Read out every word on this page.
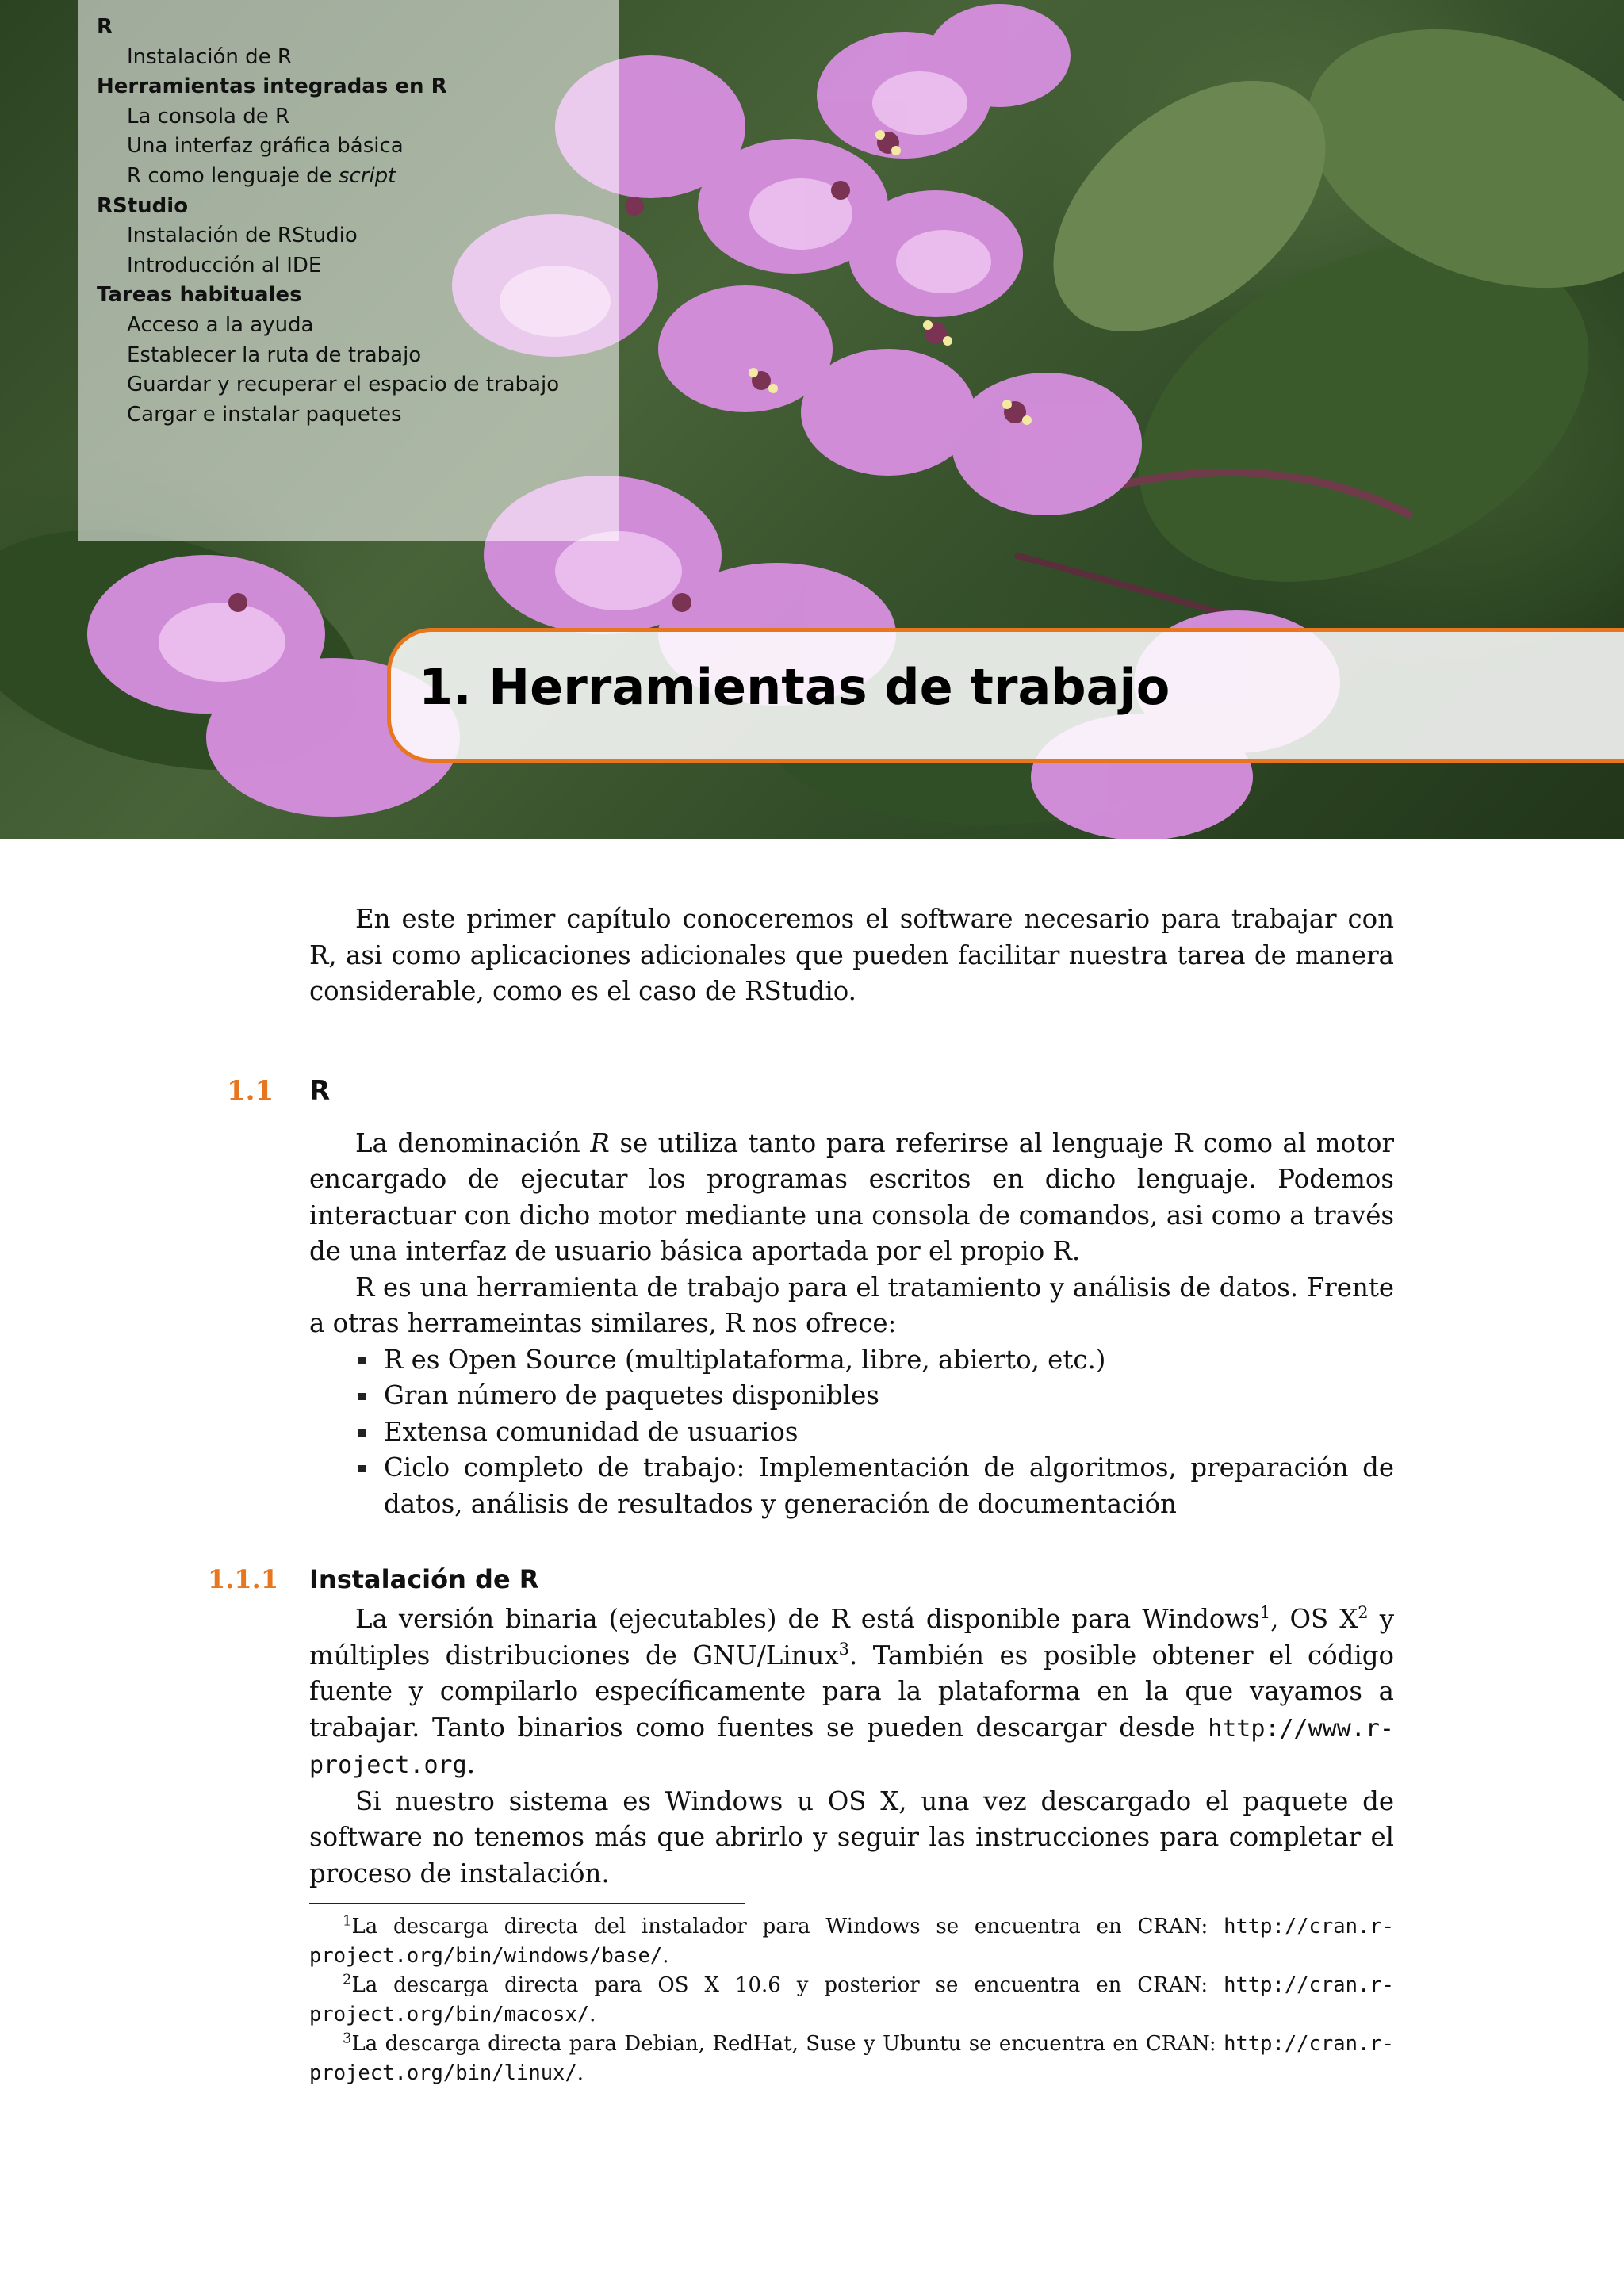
R
Instalación de R
Herramientas integradas en R
La consola de R
Una interfaz gráfica básica
R como lenguaje de script
RStudio
Instalación de RStudio
Introducción al IDE
Tareas habituales
Acceso a la ayuda
Establecer la ruta de trabajo
Guardar y recuperar el espacio de trabajo
Cargar e instalar paquetes
1. Herramientas de trabajo

En este primer capítulo conoceremos el software necesario para trabajar con R, asi como aplicaciones adicionales que pueden facilitar nuestra tarea de manera considerable, como es el caso de RStudio.

1.1 R

La denominación R se utiliza tanto para referirse al lenguaje R como al motor encargado de ejecutar los programas escritos en dicho lenguaje. Podemos interactuar con dicho motor mediante una consola de comandos, asi como a través de una interfaz de usuario básica aportada por el propio R.

R es una herramienta de trabajo para el tratamiento y análisis de datos. Frente a otras herrameintas similares, R nos ofrece:

R es Open Source (multiplataforma, libre, abierto, etc.)
Gran número de paquetes disponibles
Extensa comunidad de usuarios
Ciclo completo de trabajo: Implementación de algoritmos, preparación de datos, análisis de resultados y generación de documentación
1.1.1 Instalación de R

La versión binaria (ejecutables) de R está disponible para Windows$^1$, OS X$^2$ y múltiples distribuciones de GNU/Linux$^3$. También es posible obtener el código fuente y compilarlo específicamente para la plataforma en la que vayamos a trabajar. Tanto binarios como fuentes se pueden descargar desde http://www.r-project.org.

Si nuestro sistema es Windows u OS X, una vez descargado el paquete de software no tenemos más que abrirlo y seguir las instrucciones para completar el proceso de instalación.

$^1$La descarga directa del instalador para Windows se encuentra en CRAN: http://cran.r-project.org/bin/windows/base/.

$^2$La descarga directa para OS X 10.6 y posterior se encuentra en CRAN: http://cran.r-project.org/bin/macosx/.

$^3$La descarga directa para Debian, RedHat, Suse y Ubuntu se encuentra en CRAN: http://cran.r-project.org/bin/linux/.
